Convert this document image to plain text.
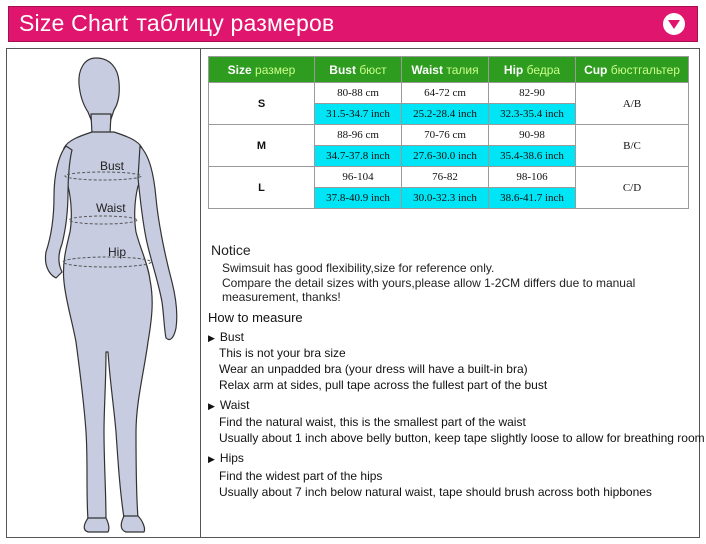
Size Chart таблицу размеров
Bust
Waist
Hip
Size размер	Bust бюст	Waist талия	Hip бедра	Cup бюстгальтер
S	80-88 cm	64-72 cm	82-90	A/B
	31.5-34.7 inch	25.2-28.4 inch	32.3-35.4 inch	
M	88-96 cm	70-76 cm	90-98	B/C
	34.7-37.8 inch	27.6-30.0 inch	35.4-38.6 inch	
L	96-104	76-82	98-106	C/D
	37.8-40.9 inch	30.0-32.3 inch	38.6-41.7 inch	
Notice
Swimsuit has good flexibility,size for reference only.
Compare the detail sizes with yours,please allow 1-2CM differs due to manual
measurement, thanks!
How to measure
▶ Bust
This is not your bra size
Wear an unpadded bra (your dress will have a built-in bra)
Relax arm at sides, pull tape across the fullest part of the bust
▶ Waist
Find the natural waist, this is the smallest part of the waist
Usually about 1 inch above belly button, keep tape slightly loose to allow for breathing room
▶ Hips
Find the widest part of the hips
Usually about 7 inch below natural waist, tape should brush across both hipbones
